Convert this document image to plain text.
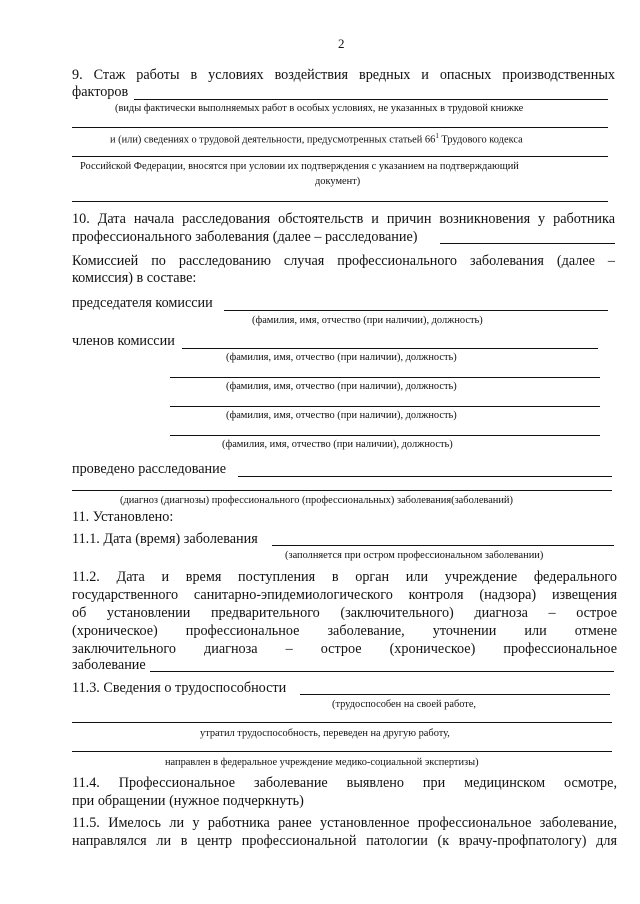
2
9. Стаж работы в условиях воздействия вредных и опасных производственных
факторов
(виды фактически выполняемых работ в особых условиях, не указанных в трудовой книжке
и (или) сведениях о трудовой деятельности, предусмотренных статьей $66^1$ Трудового кодекса
Российской Федерации, вносятся при условии их подтверждения с указанием на подтверждающий
документ)
10. Дата начала расследования обстоятельств и причин возникновения у работника
профессионального заболевания (далее – расследование)
Комиссией по расследованию случая профессионального заболевания (далее –
комиссия) в составе:
председателя комиссии
(фамилия, имя, отчество (при наличии), должность)
членов комиссии
(фамилия, имя, отчество (при наличии), должность)
(фамилия, имя, отчество (при наличии), должность)
(фамилия, имя, отчество (при наличии), должность)
(фамилия, имя, отчество (при наличии), должность)
проведено расследование
(диагноз (диагнозы) профессионального (профессиональных) заболевания(заболеваний)
11. Установлено:
11.1. Дата (время) заболевания
(заполняется при остром профессиональном заболевании)
11.2. Дата и время поступления в орган или учреждение федерального
государственного санитарно-эпидемиологического контроля (надзора) извещения
об установлении предварительного (заключительного) диагноза – острое
(хроническое) профессиональное заболевание, уточнении или отмене
заключительного диагноза – острое (хроническое) профессиональное
заболевание
11.3. Сведения о трудоспособности
(трудоспособен на своей работе,
утратил трудоспособность, переведен на другую работу,
направлен в федеральное учреждение медико-социальной экспертизы)
11.4. Профессиональное заболевание выявлено при медицинском осмотре,
при обращении (нужное подчеркнуть)
11.5. Имелось ли у работника ранее установленное профессиональное заболевание,
направлялся ли в центр профессиональной патологии (к врачу-профпатологу) для
